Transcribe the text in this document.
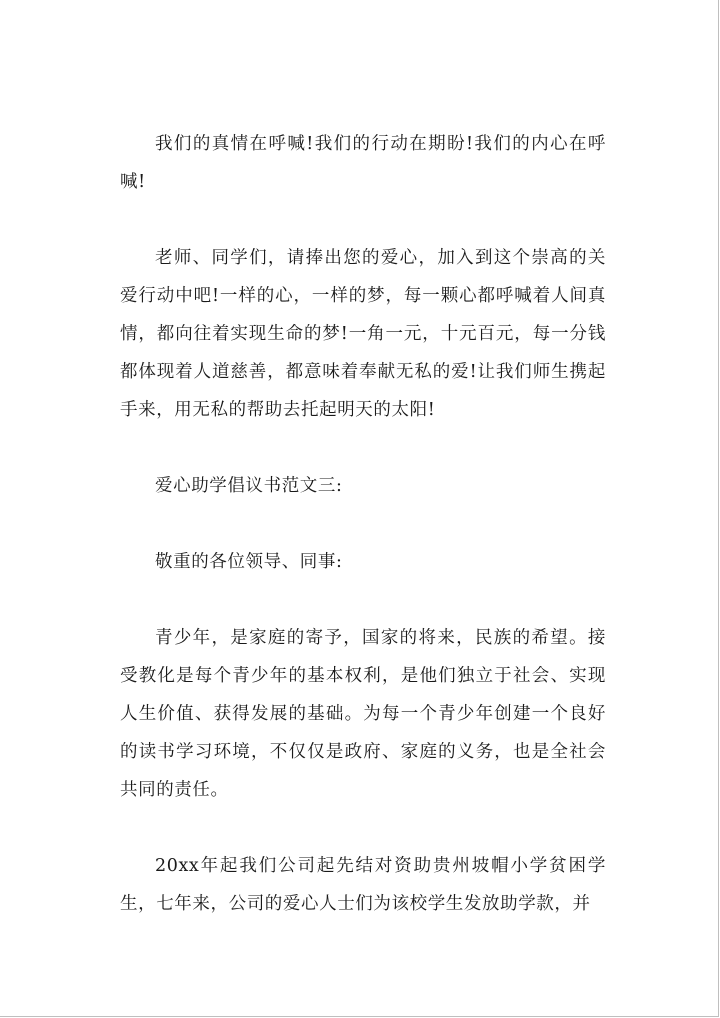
我们的真情在呼喊!我们的行动在期盼!我们的内心在呼喊!

老师、同学们，请捧出您的爱心，加入到这个崇高的关爱行动中吧!一样的心，一样的梦，每一颗心都呼喊着人间真情，都向往着实现生命的梦!一角一元，十元百元，每一分钱都体现着人道慈善，都意味着奉献无私的爱!让我们师生携起手来，用无私的帮助去托起明天的太阳!

爱心助学倡议书范文三:

敬重的各位领导、同事:

青少年，是家庭的寄予，国家的将来，民族的希望。接受教化是每个青少年的基本权利，是他们独立于社会、实现人生价值、获得发展的基础。为每一个青少年创建一个良好的读书学习环境，不仅仅是政府、家庭的义务，也是全社会共同的责任。

20xx年起我们公司起先结对资助贵州坡帽小学贫困学生，七年来，公司的爱心人士们为该校学生发放助学款，并
